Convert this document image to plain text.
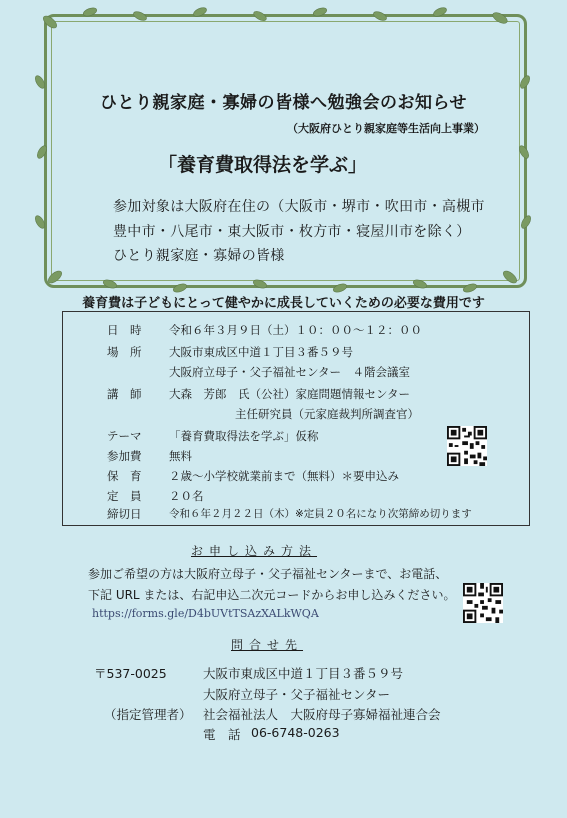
ひとり親家庭・寡婦の皆様へ勉強会のお知らせ
（大阪府ひとり親家庭等生活向上事業）
「養育費取得法を学ぶ」
参加対象は大阪府在住の（大阪市・堺市・吹田市・高槻市
豊中市・八尾市・東大阪市・枚方市・寝屋川市を除く）
ひとり親家庭・寡婦の皆様
養育費は子どもにとって健やかに成長していくための必要な費用です
日　時 令和６年３月９日（土）１０：００〜１２：００
場　所 大阪市東成区中道１丁目３番５９号
大阪府立母子・父子福祉センター　４階会議室
講　師 大森　芳郎　氏（公社）家庭問題情報センター
主任研究員（元家庭裁判所調査官）
テーマ 「養育費取得法を学ぶ」仮称
参加費 無料
保　育 ２歳〜小学校就業前まで（無料）＊要申込み
定　員 ２０名
締切日	令和６年２月２２日（木）※定員２０名になり次第締め切ります
お申し込み方法
参加ご希望の方は大阪府立母子・父子福祉センターまで、お電話、
下記 URL または、右記申込二次元コードからお申し込みください。
https://forms.gle/D4bUVtTSAzXALkWQA
問合せ先
〒537-0025	大阪市東成区中道１丁目３番５９号
大阪府立母子・父子福祉センター
（指定管理者） 社会福祉法人　大阪府母子寡婦福祉連合会
電　話 06-6748-0263
